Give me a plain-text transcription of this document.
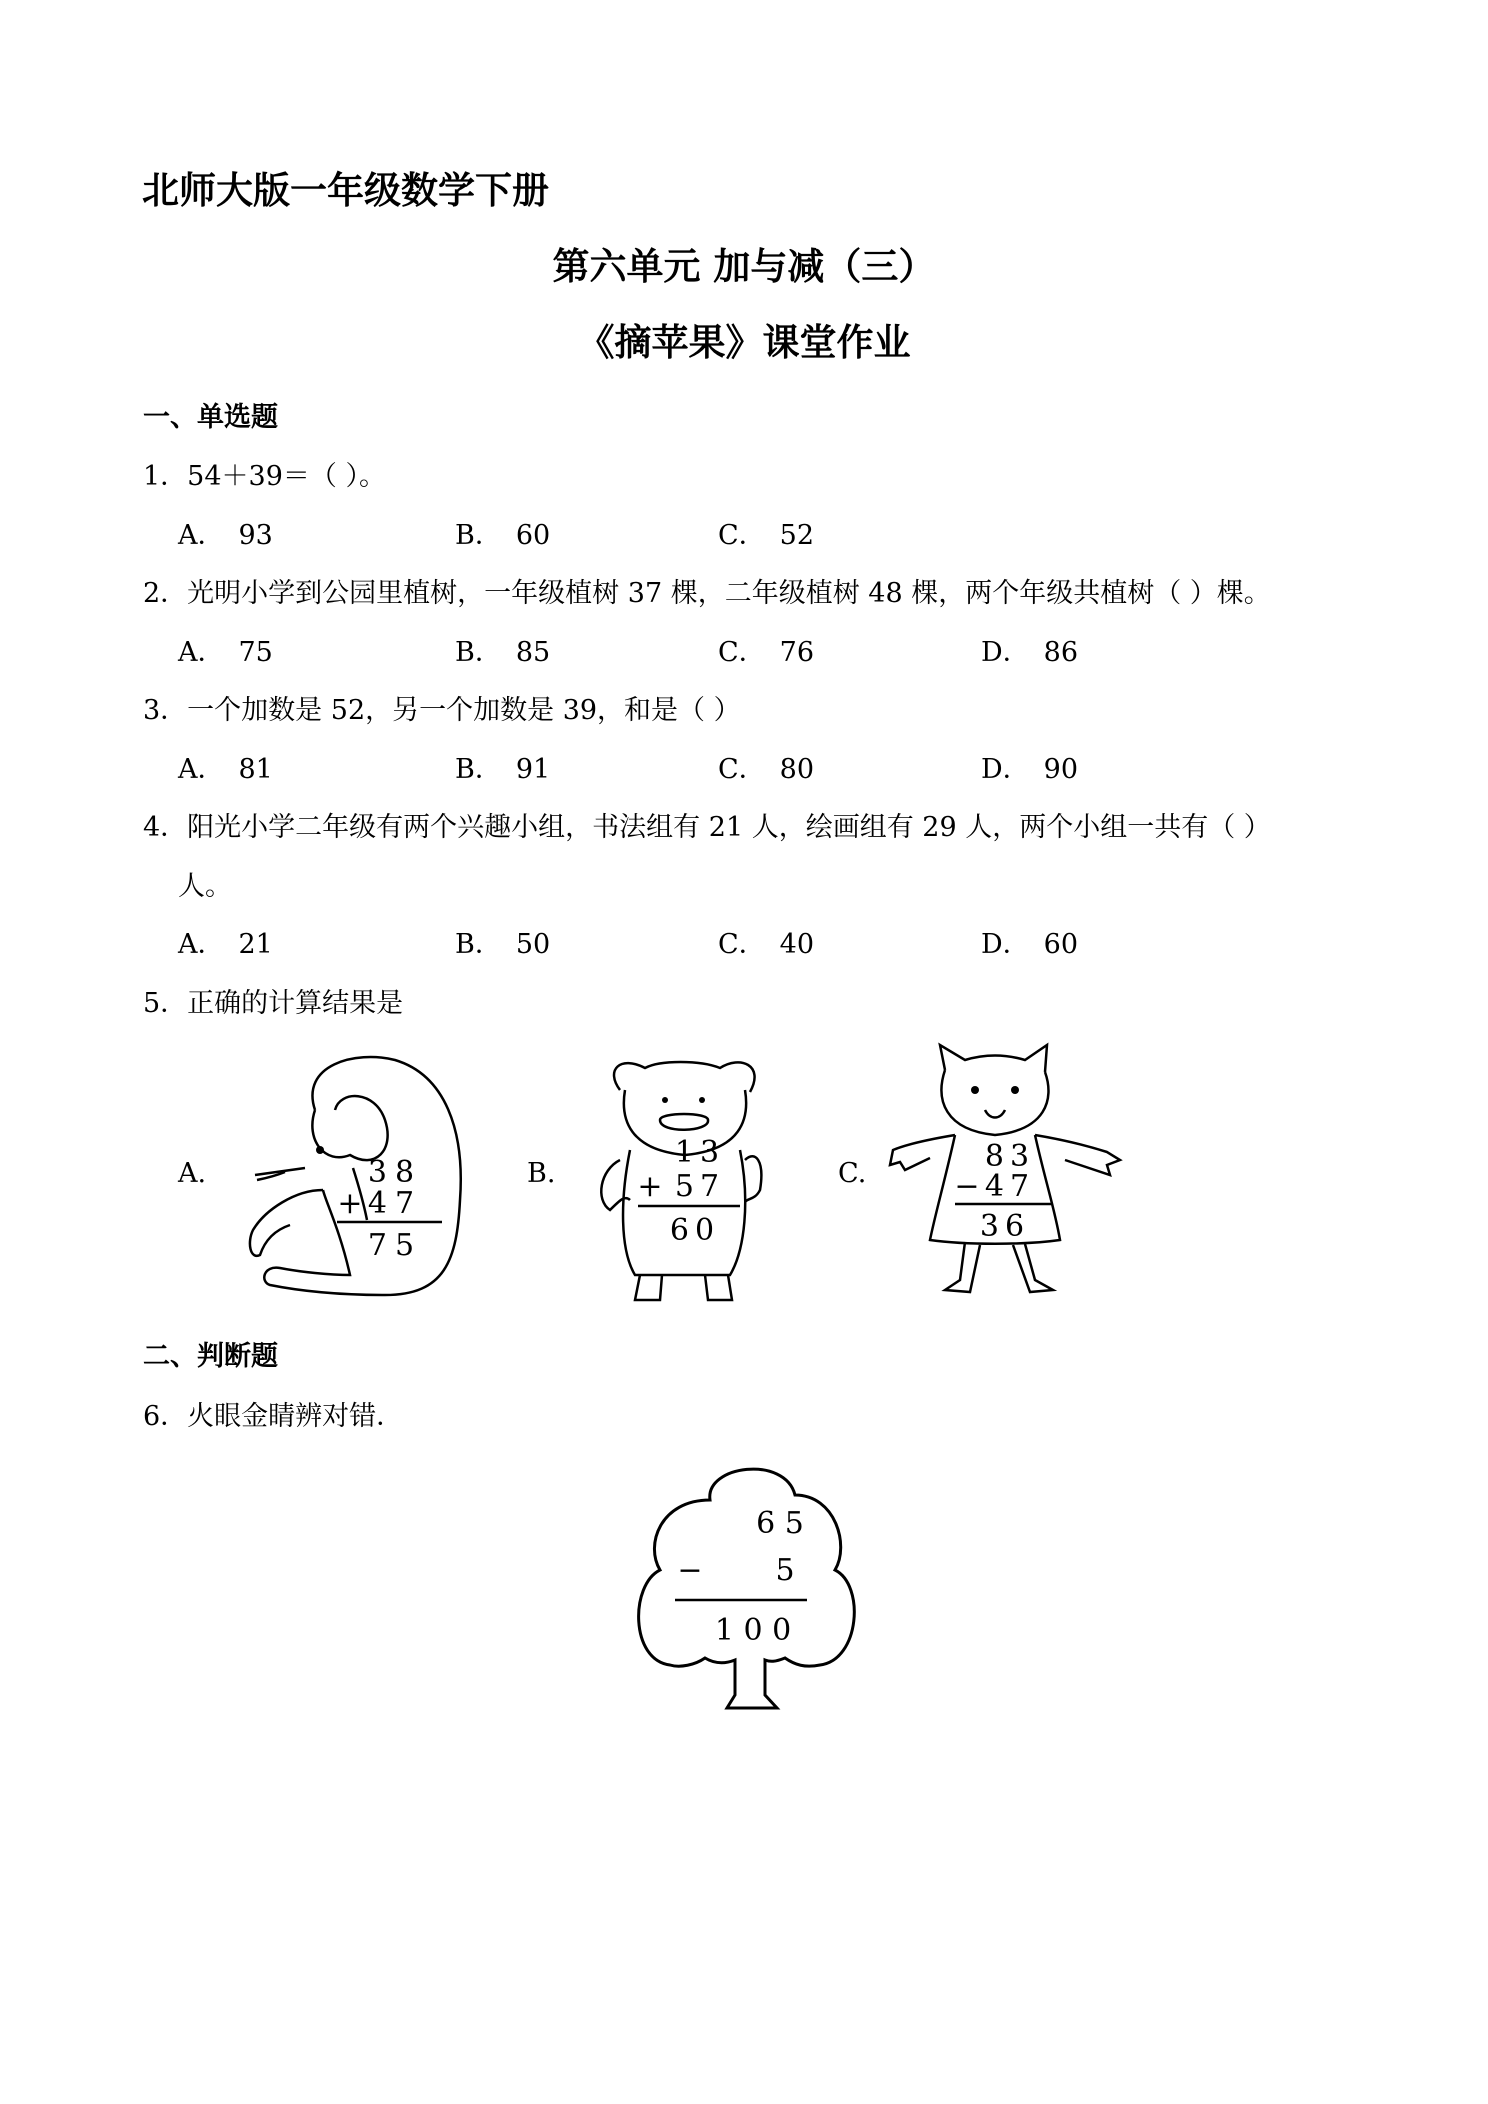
北师大版一年级数学下册
第六单元 加与减（三）
《摘苹果》课堂作业
一、单选题
1．54＋39＝（ ）。
A． 93	B． 60	C． 52
2．光明小学到公园里植树，一年级植树 37 棵，二年级植树 48 棵，两个年级共植树（ ）棵。
A． 75	B． 85	C． 76	D． 86
3．一个加数是 52，另一个加数是 39，和是（ ）
A． 81	B． 91	C． 80	D． 90
4．阳光小学二年级有两个兴趣小组，书法组有 21 人，绘画组有 29 人，两个小组一共有（ ）
人。
A． 21	B． 50	C． 40	D． 60
5．正确的计算结果是
A.	38
+ 47
75
B.
13
+ 57
60
C.	83
− 47
36
二、判断题
6．火眼金睛辨对错．
6 5
− 5
1 0 0
